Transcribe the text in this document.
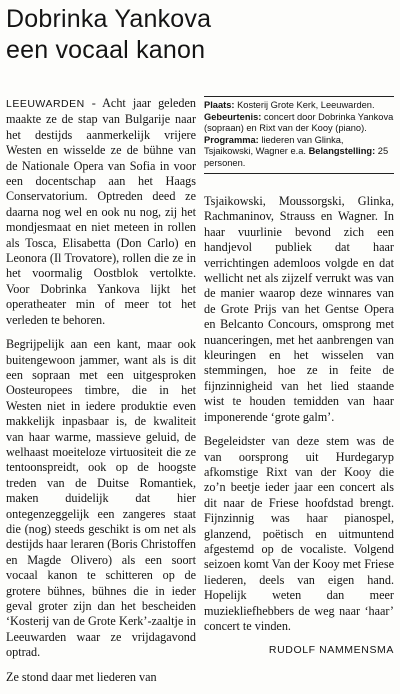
Dobrinka Yankova
een vocaal kanon

LEEUWARDEN - Acht jaar geleden maakte ze de stap van Bulgarije naar het destijds aanmerkelijk vrijere Westen en wisselde ze de bühne van de Nationale Opera van Sofia in voor een docentschap aan het Haags Conservatorium. Optreden deed ze daarna nog wel en ook nu nog, zij het mondjesmaat en niet meteen in rollen als Tosca, Elisabetta (Don Carlo) en Leonora (Il Trovatore), rollen die ze in het voormalig Oostblok vertolkte. Voor Dobrinka Yankova lijkt het operatheater min of meer tot het verleden te behoren.

Begrijpelijk aan een kant, maar ook buitengewoon jammer, want als is dit een sopraan met een uitgesproken Oosteuropees timbre, die in het Westen niet in iedere produktie even makkelijk inpasbaar is, de kwaliteit van haar warme, massieve geluid, de welhaast moeiteloze virtuositeit die ze tentoonspreidt, ook op de hoogste treden van de Duitse Romantiek, maken duidelijk dat hier ontegenzeggelijk een zangeres staat die (nog) steeds geschikt is om net als destijds haar leraren (Boris Christoffen en Magde Olivero) als een soort vocaal kanon te schitteren op de grotere bühnes, bühnes die in ieder geval groter zijn dan het bescheiden ‘Kosterij van de Grote Kerk’-zaaltje in Leeuwarden waar ze vrijdagavond optrad.

Ze stond daar met liederen van

Plaats: Kosterij Grote Kerk, Leeuwarden. Gebeurtenis: concert door Dobrinka Yankova (sopraan) en Rixt van der Kooy (piano). Programma: liederen van Glinka, Tsjaikowski, Wagner e.a. Belangstelling: 25 personen.

Tsjaikowski, Moussorgski, Glinka, Rachmaninov, Strauss en Wagner. In haar vuurlinie bevond zich een handjevol publiek dat haar verrichtingen ademloos volgde en dat wellicht net als zijzelf verrukt was van de manier waarop deze winnares van de Grote Prijs van het Gentse Opera en Belcanto Concours, omsprong met nuanceringen, met het aanbrengen van kleuringen en het wisselen van stemmingen, hoe ze in feite de fijnzinnigheid van het lied staande wist te houden temidden van haar imponerende ‘grote galm’.

Begeleidster van deze stem was de van oorsprong uit Hurdegaryp afkomstige Rixt van der Kooy die zo’n beetje ieder jaar een concert als dit naar de Friese hoofdstad brengt. Fijnzinnig was haar pianospel, glanzend, poëtisch en uitmuntend afgestemd op de vocaliste. Volgend seizoen komt Van der Kooy met Friese liederen, deels van eigen hand. Hopelijk weten dan meer muziekliefhebbers de weg naar ‘haar’ concert te vinden.

RUDOLF NAMMENSMA
